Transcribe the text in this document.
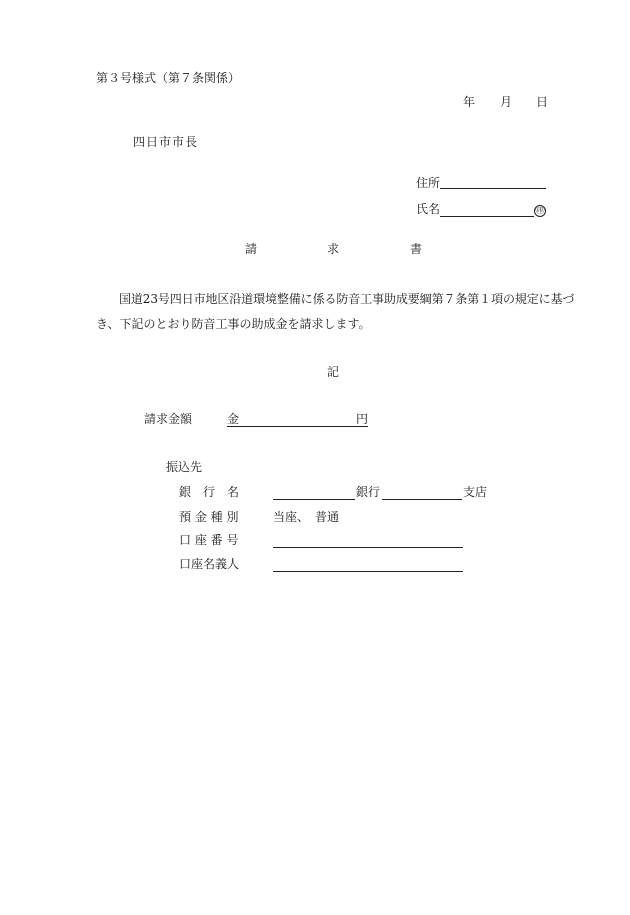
第３号様式（第７条関係）
年 月 日
四日市市長
住所
氏名	㊞
請	求	書
国道23号四日市地区沿道環境整備に係る防音工事助成要綱第７条第１項の規定に基づ
き、下記のとおり防音工事の助成金を請求します。
記
請求金額	金	円
振込先
銀　行　名	銀行	支店
預 金 種 別	当座、　普通
口 座 番 号
口座名義人
